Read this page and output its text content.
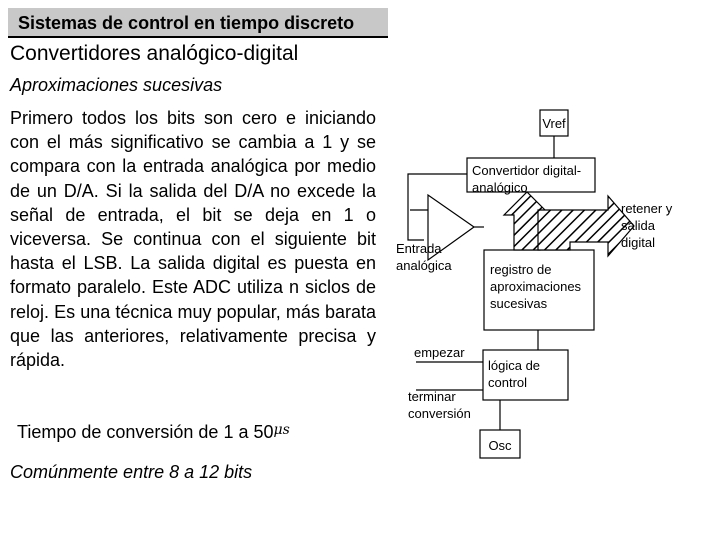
Sistemas de control en tiempo discreto
Convertidores analógico-digital
Aproximaciones sucesivas
Primero todos los bits son cero e iniciando con el más significativo se cambia a 1 y se compara con la entrada analógica por medio de un D/A. Si la salida del D/A no excede la señal de entrada, el bit se deja en 1 o viceversa. Se continua con el siguiente bit hasta el LSB. La salida digital es puesta en formato paralelo. Este ADC utiliza n siclos de reloj. Es una técnica muy popular, más barata que las anteriores, relativamente precisa y rápida.
Tiempo de conversión de 1 a $50^{\mu s}$
Comúnmente entre 8 a 12 bits
Vref
Convertidor digital-analógico
Entrada analógica	registro de aproximaciones sucesivas
retener y salida digital
empezar
terminar conversión
lógica de control
Osc
